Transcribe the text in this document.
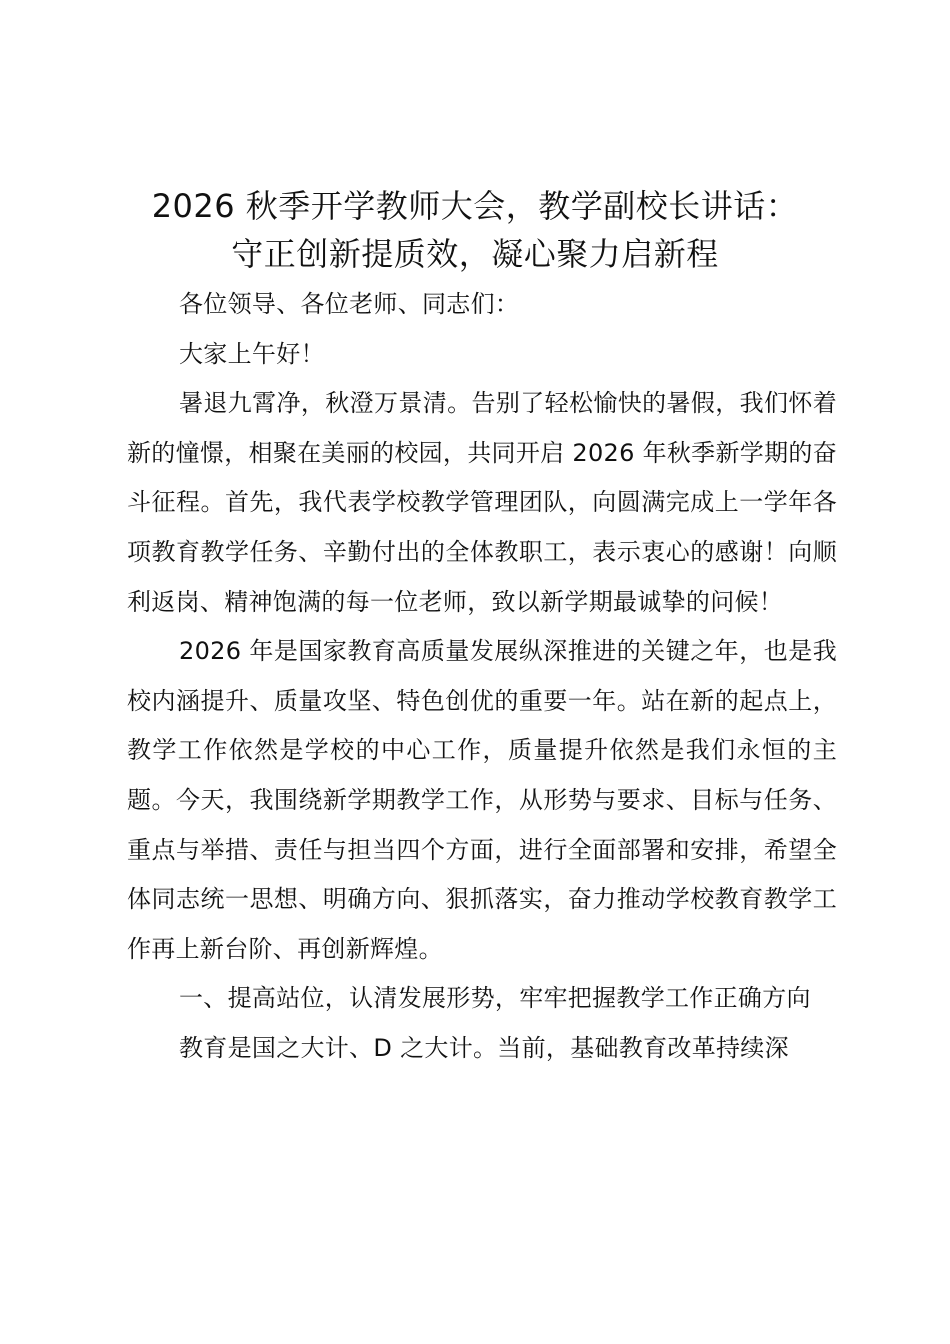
2026 秋季开学教师大会，教学副校长讲话：
守正创新提质效，凝心聚力启新程

各位领导、各位老师、同志们：

大家上午好！

暑退九霄净，秋澄万景清。告别了轻松愉快的暑假，我们怀着新的憧憬，相聚在美丽的校园，共同开启 2026 年秋季新学期的奋斗征程。首先，我代表学校教学管理团队，向圆满完成上一学年各项教育教学任务、辛勤付出的全体教职工，表示衷心的感谢！向顺利返岗、精神饱满的每一位老师，致以新学期最诚挚的问候！

2026 年是国家教育高质量发展纵深推进的关键之年，也是我校内涵提升、质量攻坚、特色创优的重要一年。站在新的起点上，教学工作依然是学校的中心工作，质量提升依然是我们永恒的主题。今天，我围绕新学期教学工作，从形势与要求、目标与任务、重点与举措、责任与担当四个方面，进行全面部署和安排，希望全体同志统一思想、明确方向、狠抓落实，奋力推动学校教育教学工作再上新台阶、再创新辉煌。

一、提高站位，认清发展形势，牢牢把握教学工作正确方向

教育是国之大计、D 之大计。当前，基础教育改革持续深
